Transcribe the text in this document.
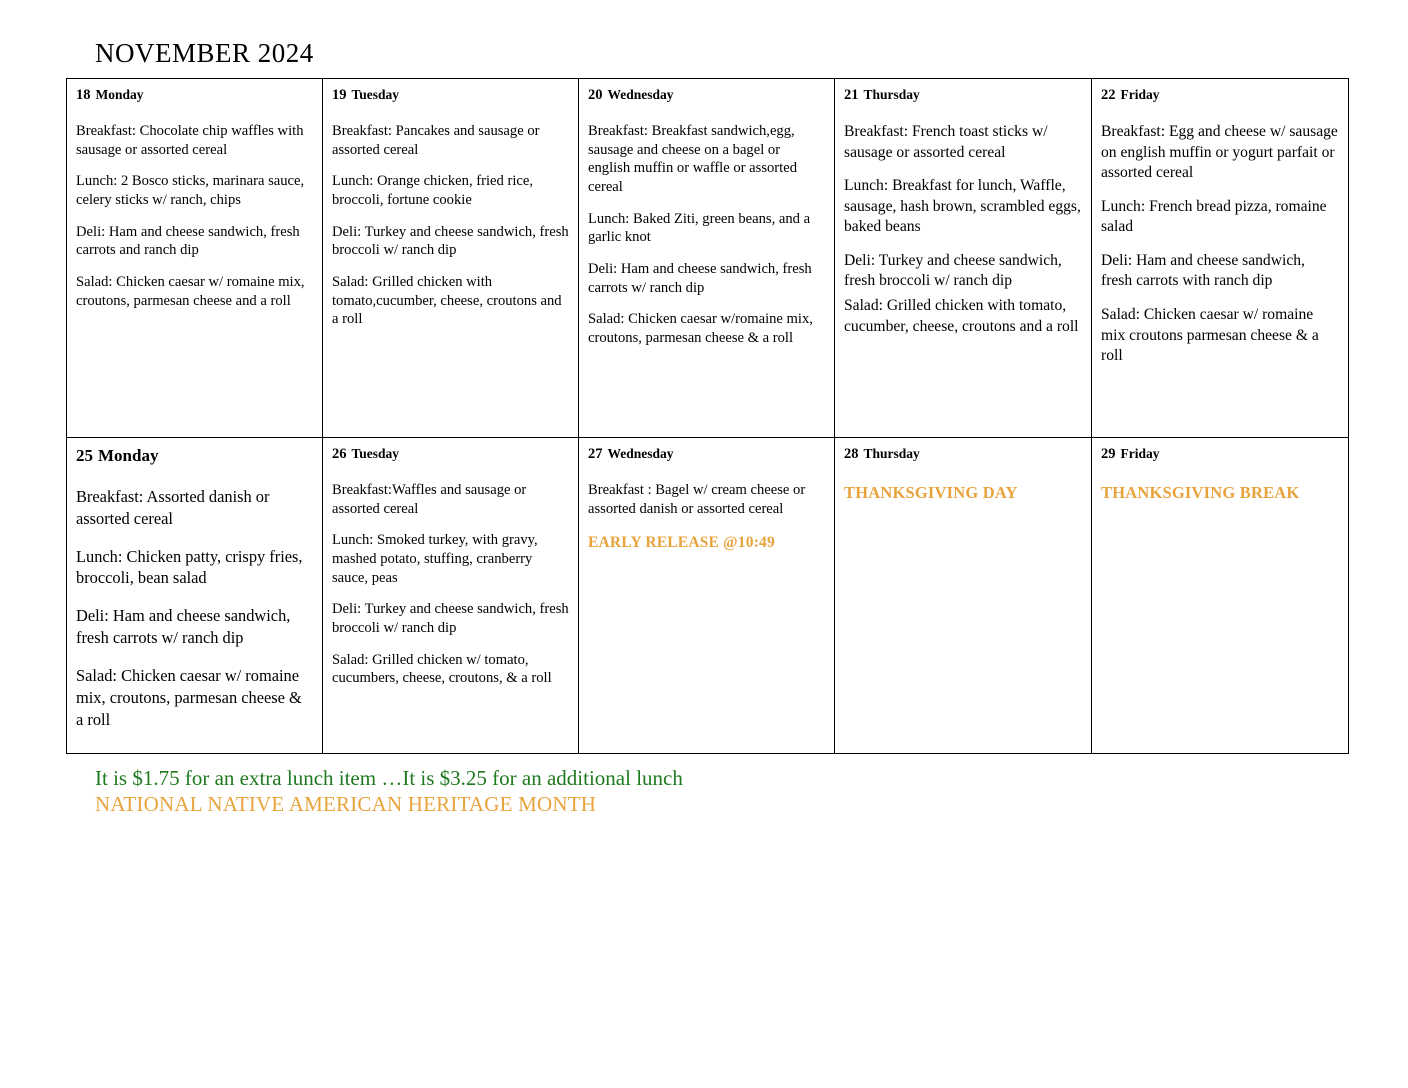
NOVEMBER 2024
18 Monday
Breakfast: Chocolate chip waffles with sausage or assorted cereal
Lunch: 2 Bosco sticks, marinara sauce, celery sticks w/ ranch, chips
Deli: Ham and cheese sandwich, fresh carrots and ranch dip
Salad: Chicken caesar w/ romaine mix, croutons, parmesan cheese and a roll

19 Tuesday
Breakfast: Pancakes and sausage or assorted cereal
Lunch: Orange chicken, fried rice, broccoli, fortune cookie
Deli: Turkey and cheese sandwich, fresh broccoli w/ ranch dip
Salad: Grilled chicken with tomato,cucumber, cheese, croutons and a roll

20 Wednesday
Breakfast: Breakfast sandwich,egg, sausage and cheese on a bagel or english muffin or waffle or assorted cereal
Lunch: Baked Ziti, green beans, and a garlic knot
Deli: Ham and cheese sandwich, fresh carrots w/ ranch dip
Salad: Chicken caesar w/romaine mix, croutons, parmesan cheese & a roll

21 Thursday
Breakfast: French toast sticks w/ sausage or assorted cereal
Lunch: Breakfast for lunch, Waffle, sausage, hash brown, scrambled eggs, baked beans
Deli: Turkey and cheese sandwich, fresh broccoli w/ ranch dip
Salad: Grilled chicken with tomato, cucumber, cheese, croutons and a roll

22 Friday
Breakfast: Egg and cheese w/ sausage on english muffin or yogurt parfait or assorted cereal
Lunch: French bread pizza, romaine salad
Deli: Ham and cheese sandwich, fresh carrots with ranch dip
Salad: Chicken caesar w/ romaine mix croutons parmesan cheese & a roll

25 Monday
Breakfast: Assorted danish or assorted cereal
Lunch: Chicken patty, crispy fries, broccoli, bean salad
Deli: Ham and cheese sandwich, fresh carrots w/ ranch dip
Salad: Chicken caesar w/ romaine mix, croutons, parmesan cheese & a roll

26 Tuesday
Breakfast:Waffles and sausage or assorted cereal
Lunch: Smoked turkey, with gravy, mashed potato, stuffing, cranberry sauce, peas
Deli: Turkey and cheese sandwich, fresh broccoli w/ ranch dip
Salad: Grilled chicken w/ tomato, cucumbers, cheese, croutons, & a roll

27 Wednesday
Breakfast : Bagel w/ cream cheese or assorted danish or assorted cereal
EARLY RELEASE @10:49

28 Thursday
THANKSGIVING DAY

29 Friday
THANKSGIVING BREAK
It is $1.75 for an extra lunch item …It is $3.25 for an additional lunch
NATIONAL NATIVE AMERICAN HERITAGE MONTH
